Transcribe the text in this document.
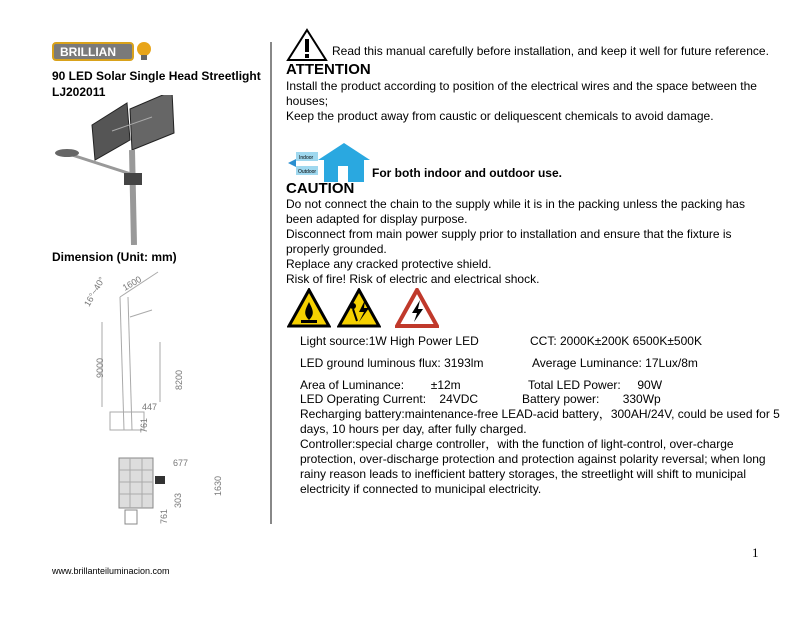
BRILLIAN
90 LED Solar Single Head Streetlight
LJ202011
Dimension (Unit: mm)
16°~40° 1600
9000
8200
447
761
677
1630
303
761
Read this manual carefully before installation, and keep it well for future reference.
ATTENTION
Install the product according to position of the electrical wires and the space between the houses;
Keep the product away from caustic or deliquescent chemicals to avoid damage.
Indoor
Outdoor	For both indoor and outdoor use.
CAUTION
Do not connect the chain to the supply while it is in the packing unless the packing has been adapted for display purpose.
Disconnect from main power supply prior to installation and ensure that the fixture is properly grounded.
Replace any cracked protective shield.
Risk of fire! Risk of electric and electrical shock.
Light source:1W High Power LED	CCT: 2000K±200K 6500K±500K
LED ground luminous flux: 3193lm	Average Luminance: 17Lux/8m
Area of Luminance:        ±12m	Total LED Power:     90W
LED Operating Current:    24VDC	Battery power:       330Wp
Recharging battery:maintenance-free LEAD-acid battery，300AH/24V, could be used for 5 days, 10 hours per day, after fully charged.
Controller:special charge controller，with the function of light-control, over-charge protection, over-discharge protection and protection against polarity reversal; when long rainy reason leads to inefficient battery storages, the streetlight will shift to municipal electricity if connected to municipal electricity.
1
www.brillanteiluminacion.com
